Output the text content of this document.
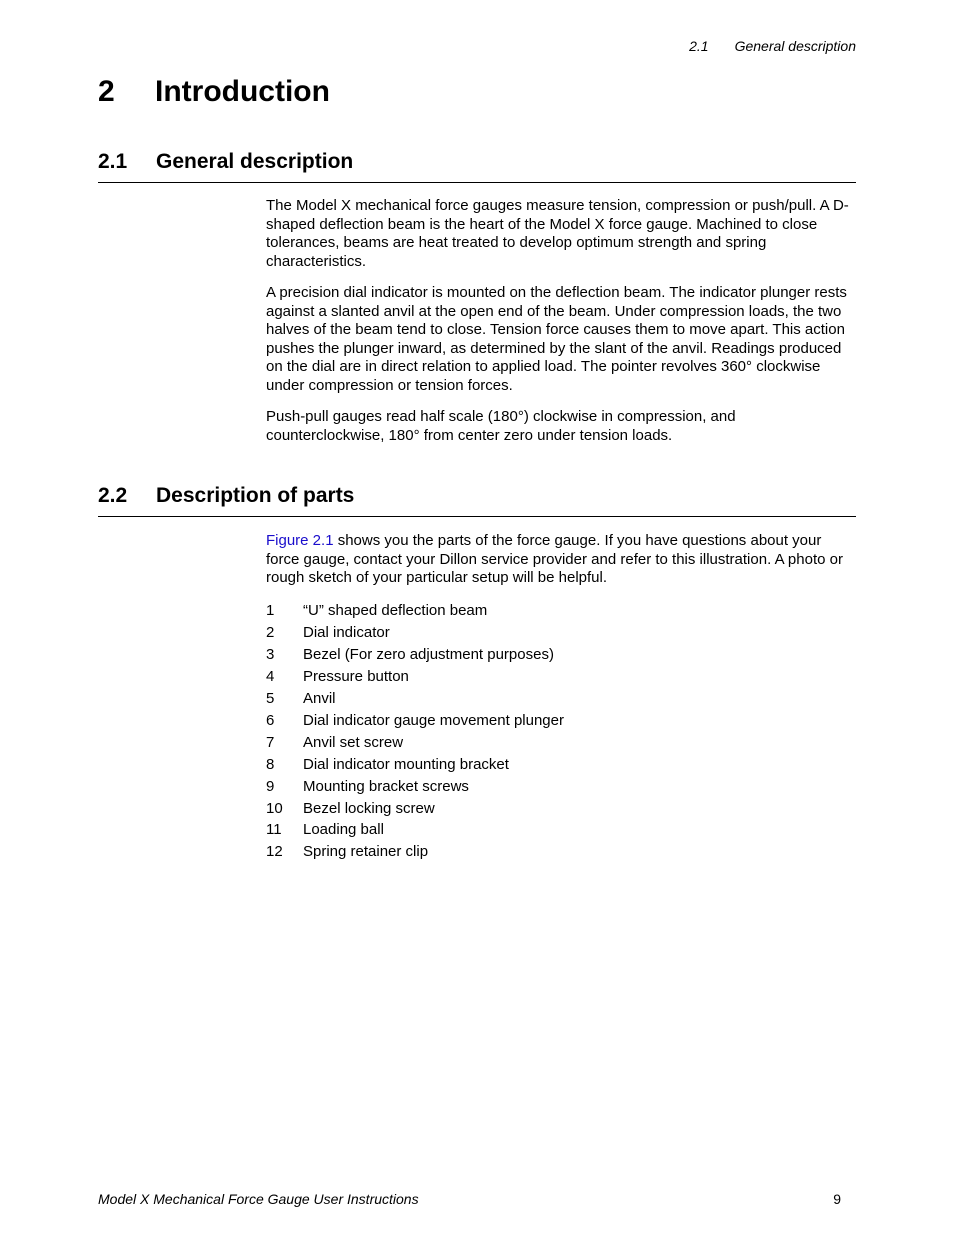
2.1 General description
2	Introduction
2.1	General description

The Model X mechanical force gauges measure tension, compression or push/pull. A D-shaped deflection beam is the heart of the Model X force gauge. Machined to close tolerances, beams are heat treated to develop optimum strength and spring characteristics.

A precision dial indicator is mounted on the deflection beam. The indicator plunger rests against a slanted anvil at the open end of the beam. Under compression loads, the two halves of the beam tend to close. Tension force causes them to move apart. This action pushes the plunger inward, as determined by the slant of the anvil. Readings produced on the dial are in direct relation to applied load. The pointer revolves 360° clockwise under compression or tension forces.

Push-pull gauges read half scale (180°) clockwise in compression, and counterclockwise, 180° from center zero under tension loads.

2.2	Description of parts

Figure 2.1 shows you the parts of the force gauge. If you have questions about your force gauge, contact your Dillon service provider and refer to this illustration. A photo or rough sketch of your particular setup will be helpful.

1	“U” shaped deflection beam
2	Dial indicator
3	Bezel (For zero adjustment purposes)
4	Pressure button
5	Anvil
6	Dial indicator gauge movement plunger
7	Anvil set screw
8	Dial indicator mounting bracket
9	Mounting bracket screws
10	Bezel locking screw
11	Loading ball
12	Spring retainer clip
Model X Mechanical Force Gauge User Instructions	9
